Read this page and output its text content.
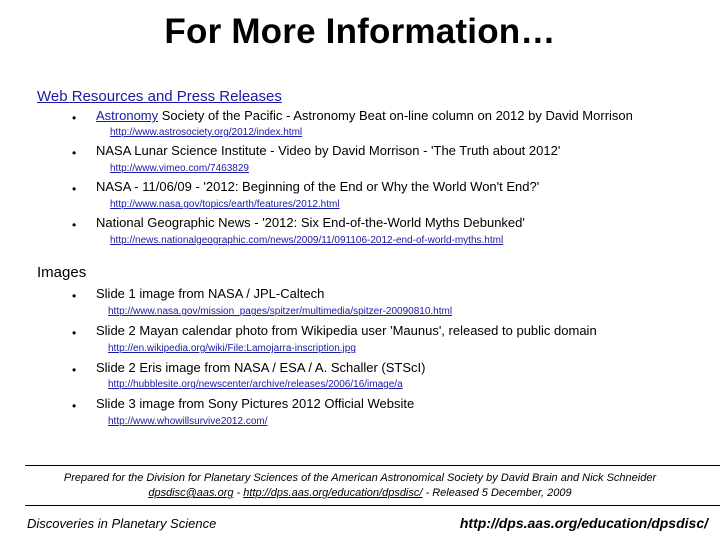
For More Information…
Web Resources and Press Releases
• Astronomy Society of the Pacific - Astronomy Beat on-line column on 2012 by David Morrison
http://www.astrosociety.org/2012/index.html
• NASA Lunar Science Institute - Video by David Morrison - 'The Truth about 2012'
http://www.vimeo.com/7463829
• NASA - 11/06/09 - '2012: Beginning of the End or Why the World Won't End?'
http://www.nasa.gov/topics/earth/features/2012.html
• National Geographic News - '2012: Six End-of-the-World Myths Debunked'
http://news.nationalgeographic.com/news/2009/11/091106-2012-end-of-world-myths.html
Images
• Slide 1 image from NASA / JPL-Caltech
http://www.nasa.gov/mission_pages/spitzer/multimedia/spitzer-20090810.html
• Slide 2 Mayan calendar photo from Wikipedia user 'Maunus', released to public domain
http://en.wikipedia.org/wiki/File:Lamojarra-inscription.jpg
• Slide 2 Eris image from NASA / ESA / A. Schaller (STScI)
http://hubblesite.org/newscenter/archive/releases/2006/16/image/a
• Slide 3 image from Sony Pictures 2012 Official Website
http://www.whowillsurvive2012.com/
Prepared for the Division for Planetary Sciences of the American Astronomical Society by David Brain and Nick Schneider
dpsdisc@aas.org - http://dps.aas.org/education/dpsdisc/ - Released 5 December, 2009
Discoveries in Planetary Science	http://dps.aas.org/education/dpsdisc/
